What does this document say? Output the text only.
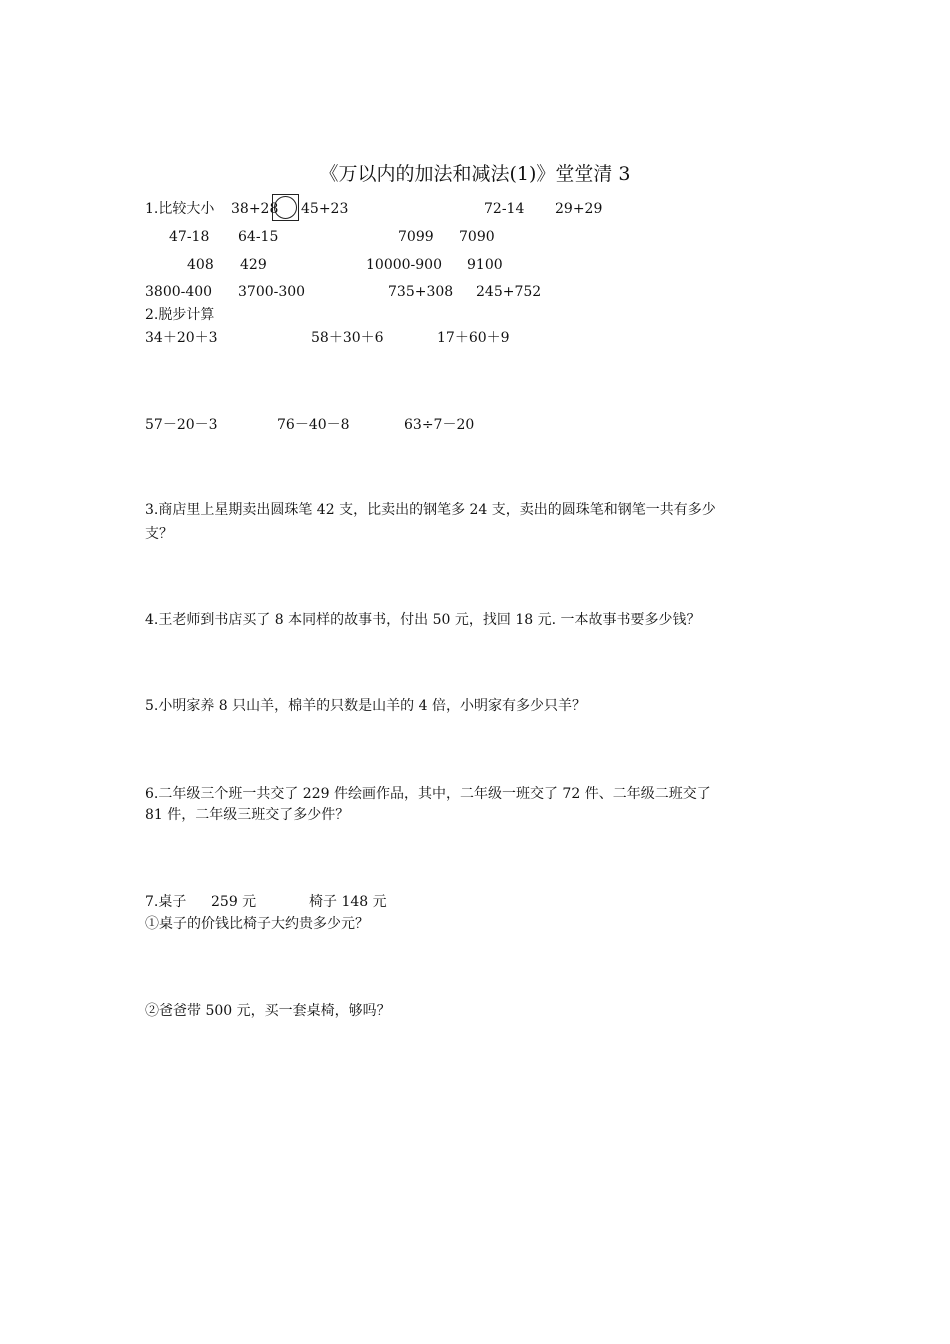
《万以内的加法和减法(1)》堂堂清 3
1.比较大小 38+28 45+23	72-14 29+29
47-18 64-15	7099 7090
408 429	10000-900 9100
3800-400 3700-300	735+308 245+752
2.脱步计算
34＋20＋3	58＋30＋6	17＋60＋9
57－20－3	76－40－8	63÷7－20
3.商店里上星期卖出圆珠笔 42 支，比卖出的钢笔多 24 支，卖出的圆珠笔和钢笔一共有多少
支？
4.王老师到书店买了 8 本同样的故事书，付出 50 元，找回 18 元. 一本故事书要多少钱？
5.小明家养 8 只山羊，棉羊的只数是山羊的 4 倍，小明家有多少只羊？
6.二年级三个班一共交了 229 件绘画作品，其中，二年级一班交了 72 件、二年级二班交了
81 件，二年级三班交了多少件？
7.桌子 259 元	椅子 148 元
①桌子的价钱比椅子大约贵多少元？
②爸爸带 500 元，买一套桌椅，够吗？
